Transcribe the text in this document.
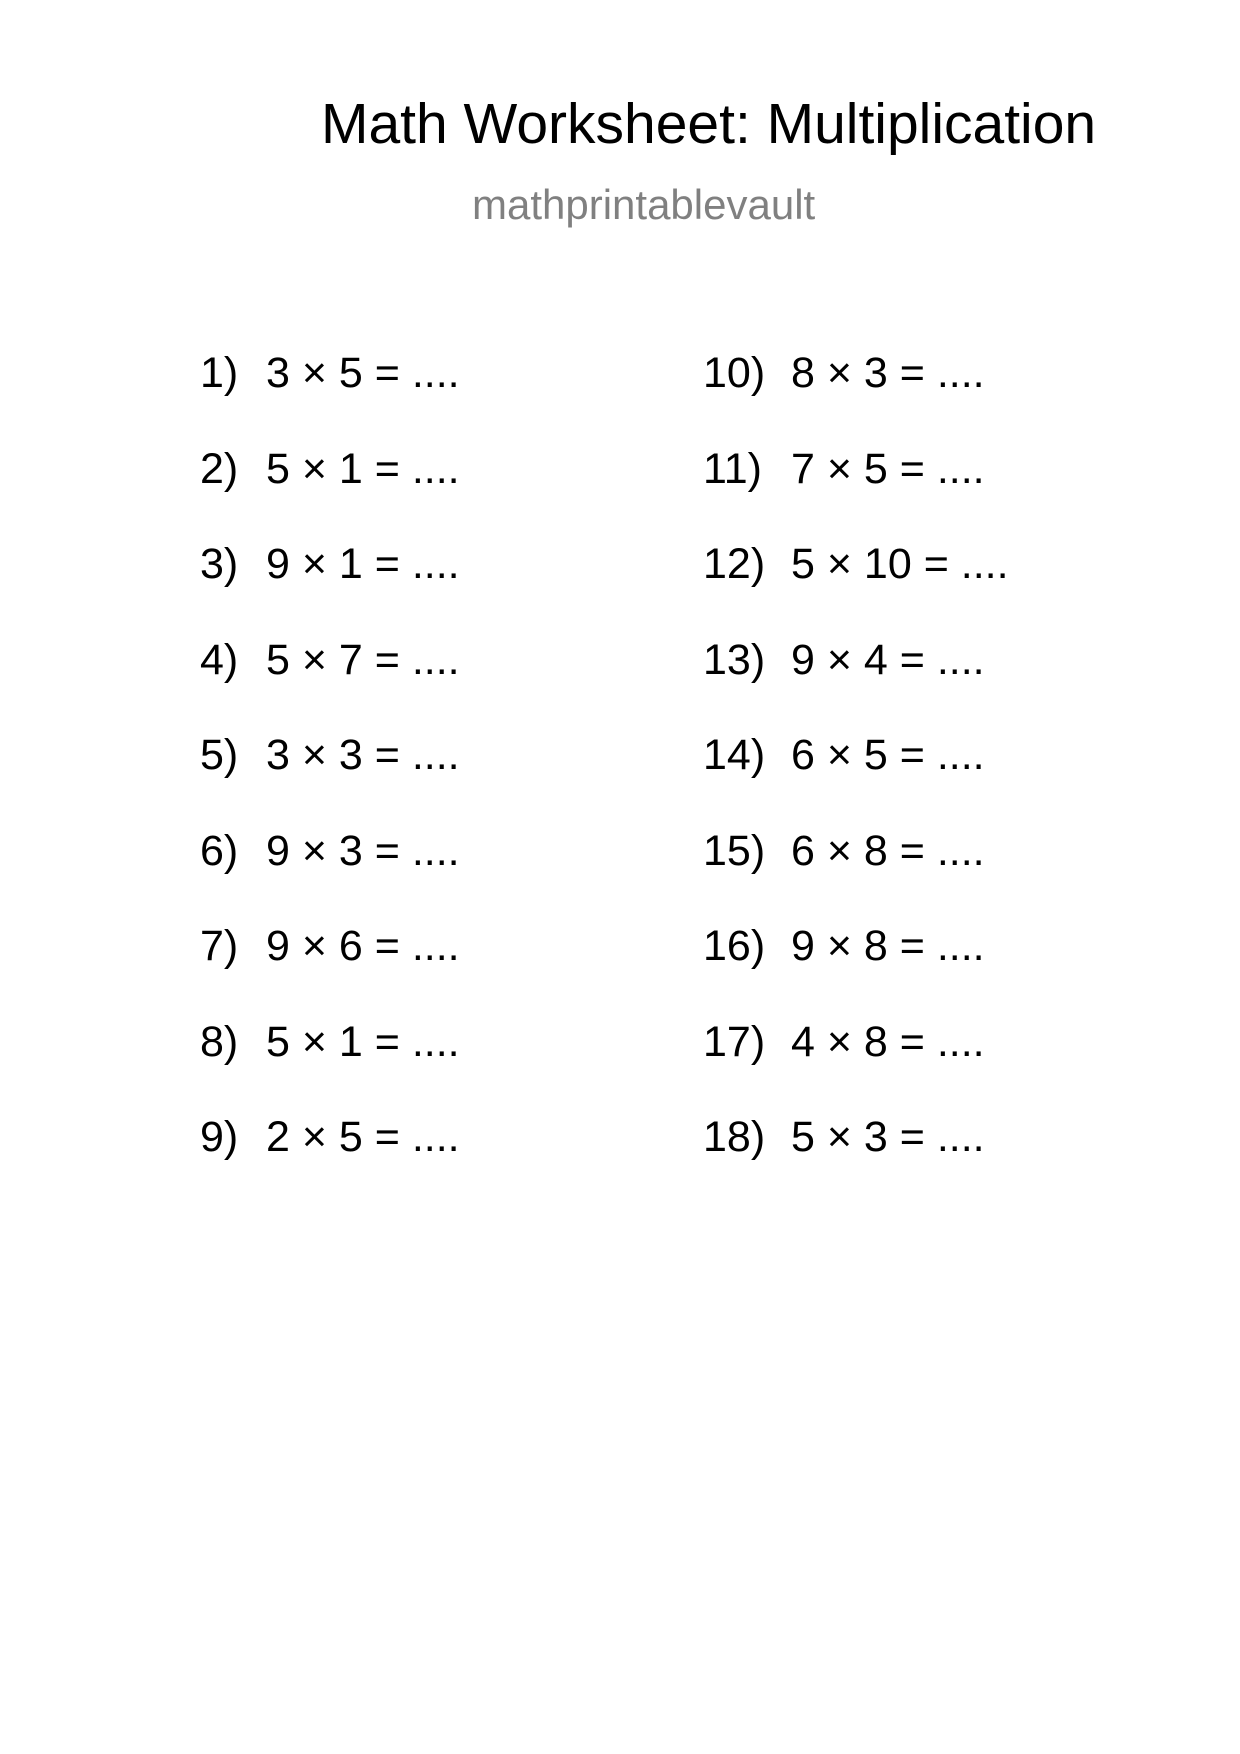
Math Worksheet: Multiplication
mathprintablevault
1) 3 × 5 = ....
2) 5 × 1 = ....
3) 9 × 1 = ....
4) 5 × 7 = ....
5) 3 × 3 = ....
6) 9 × 3 = ....
7) 9 × 6 = ....
8) 5 × 1 = ....
9) 2 × 5 = ....
10) 8 × 3 = ....
11) 7 × 5 = ....
12) 5 × 10 = ....
13) 9 × 4 = ....
14) 6 × 5 = ....
15) 6 × 8 = ....
16) 9 × 8 = ....
17) 4 × 8 = ....
18) 5 × 3 = ....
